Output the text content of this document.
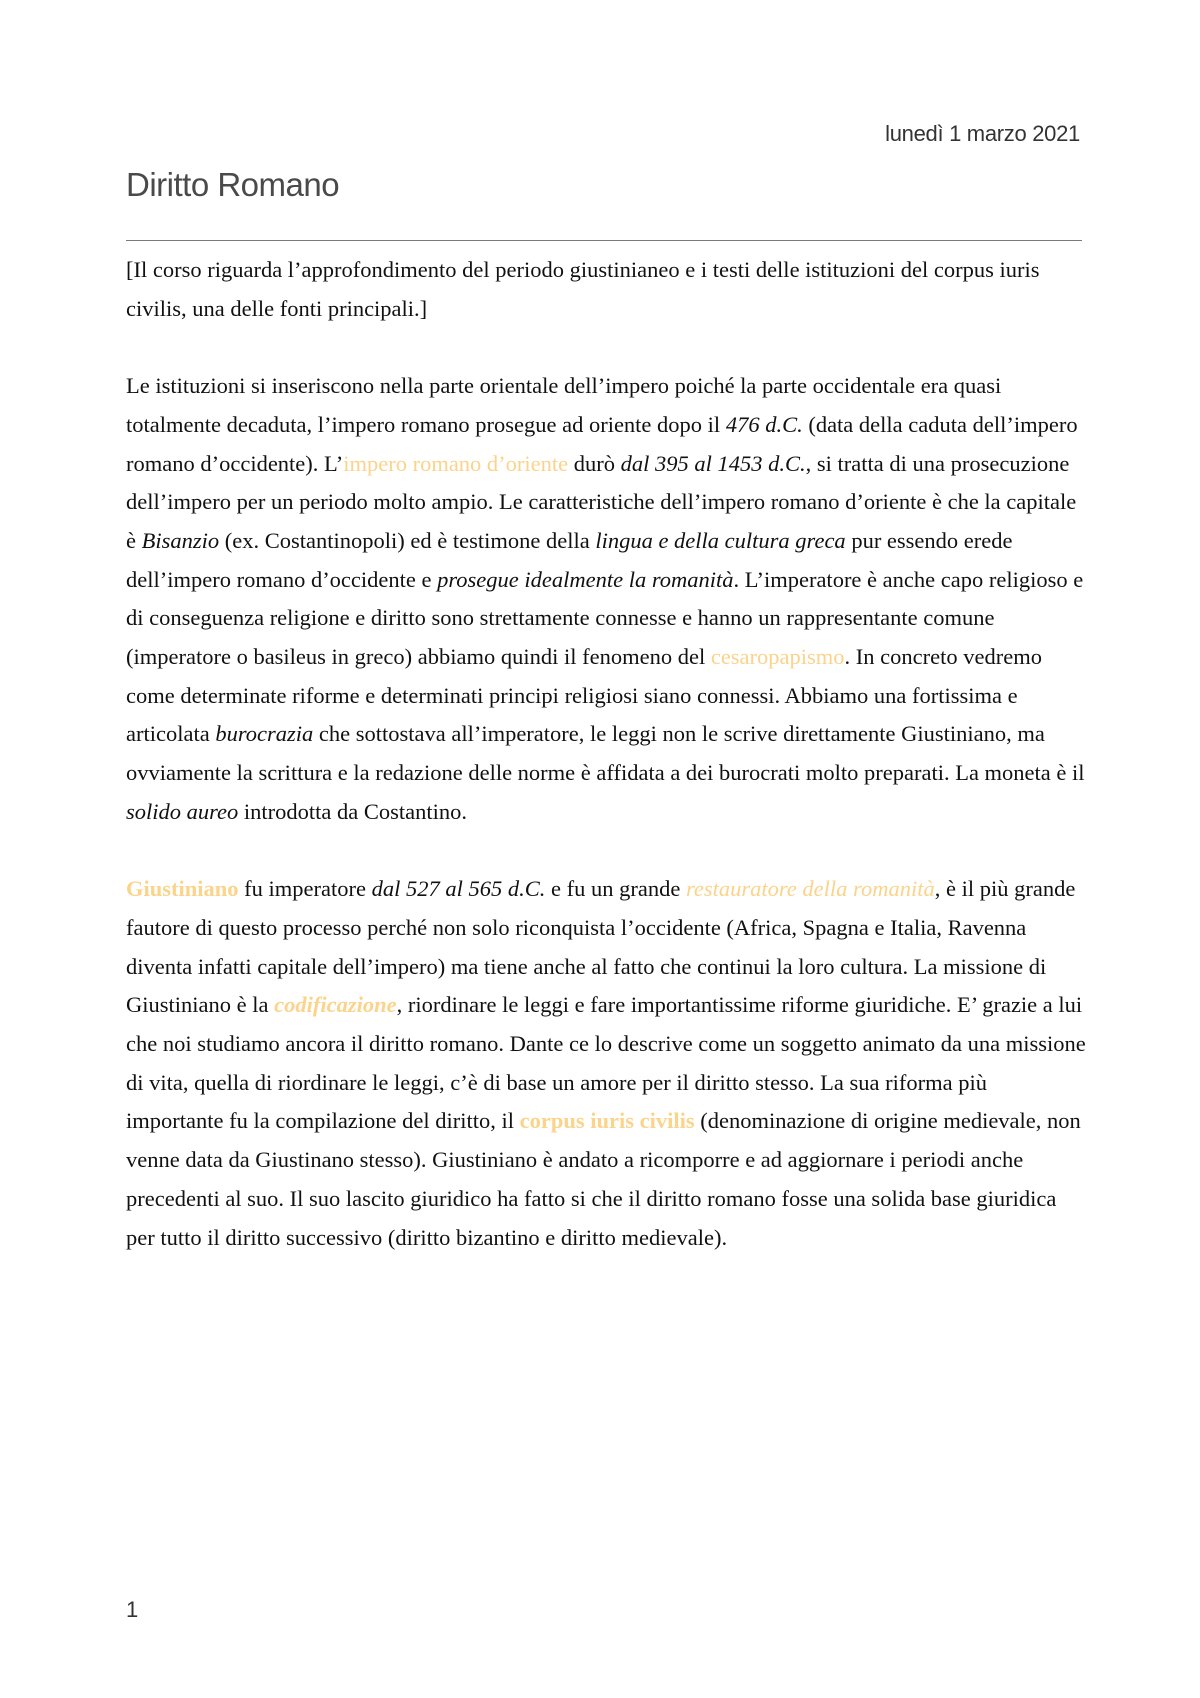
lunedì 1 marzo 2021
Diritto Romano

[Il corso riguarda l’approfondimento del periodo giustinianeo e i testi delle istituzioni del corpus iuris civilis, una delle fonti principali.]

Le istituzioni si inseriscono nella parte orientale dell’impero poiché la parte occidentale era quasi totalmente decaduta, l’impero romano prosegue ad oriente dopo il 476 d.C. (data della caduta dell’impero romano d’occidente). L’impero romano d’oriente durò dal 395 al 1453 d.C., si tratta di una prosecuzione dell’impero per un periodo molto ampio. Le caratteristiche dell’impero romano d’oriente è che la capitale è Bisanzio (ex. Costantinopoli) ed è testimone della lingua e della cultura greca pur essendo erede dell’impero romano d’occidente e prosegue idealmente la romanità. L’imperatore è anche capo religioso e di conseguenza religione e diritto sono strettamente connesse e hanno un rappresentante comune (imperatore o basileus in greco) abbiamo quindi il fenomeno del cesaropapismo. In concreto vedremo come determinate riforme e determinati principi religiosi siano connessi. Abbiamo una fortissima e articolata burocrazia che sottostava all’imperatore, le leggi non le scrive direttamente Giustiniano, ma ovviamente la scrittura e la redazione delle norme è affidata a dei burocrati molto preparati. La moneta è il solido aureo introdotta da Costantino.

Giustiniano fu imperatore dal 527 al 565 d.C. e fu un grande restauratore della romanità, è il più grande fautore di questo processo perché non solo riconquista l’occidente (Africa, Spagna e Italia, Ravenna diventa infatti capitale dell’impero) ma tiene anche al fatto che continui la loro cultura. La missione di Giustiniano è la codificazione, riordinare le leggi e fare importantissime riforme giuridiche. E’ grazie a lui che noi studiamo ancora il diritto romano. Dante ce lo descrive come un soggetto animato da una missione di vita, quella di riordinare le leggi, c’è di base un amore per il diritto stesso. La sua riforma più importante fu la compilazione del diritto, il corpus iuris civilis (denominazione di origine medievale, non venne data da Giustinano stesso). Giustiniano è andato a ricomporre e ad aggiornare i periodi anche precedenti al suo. Il suo lascito giuridico ha fatto si che il diritto romano fosse una solida base giuridica per tutto il diritto successivo (diritto bizantino e diritto medievale).

1
